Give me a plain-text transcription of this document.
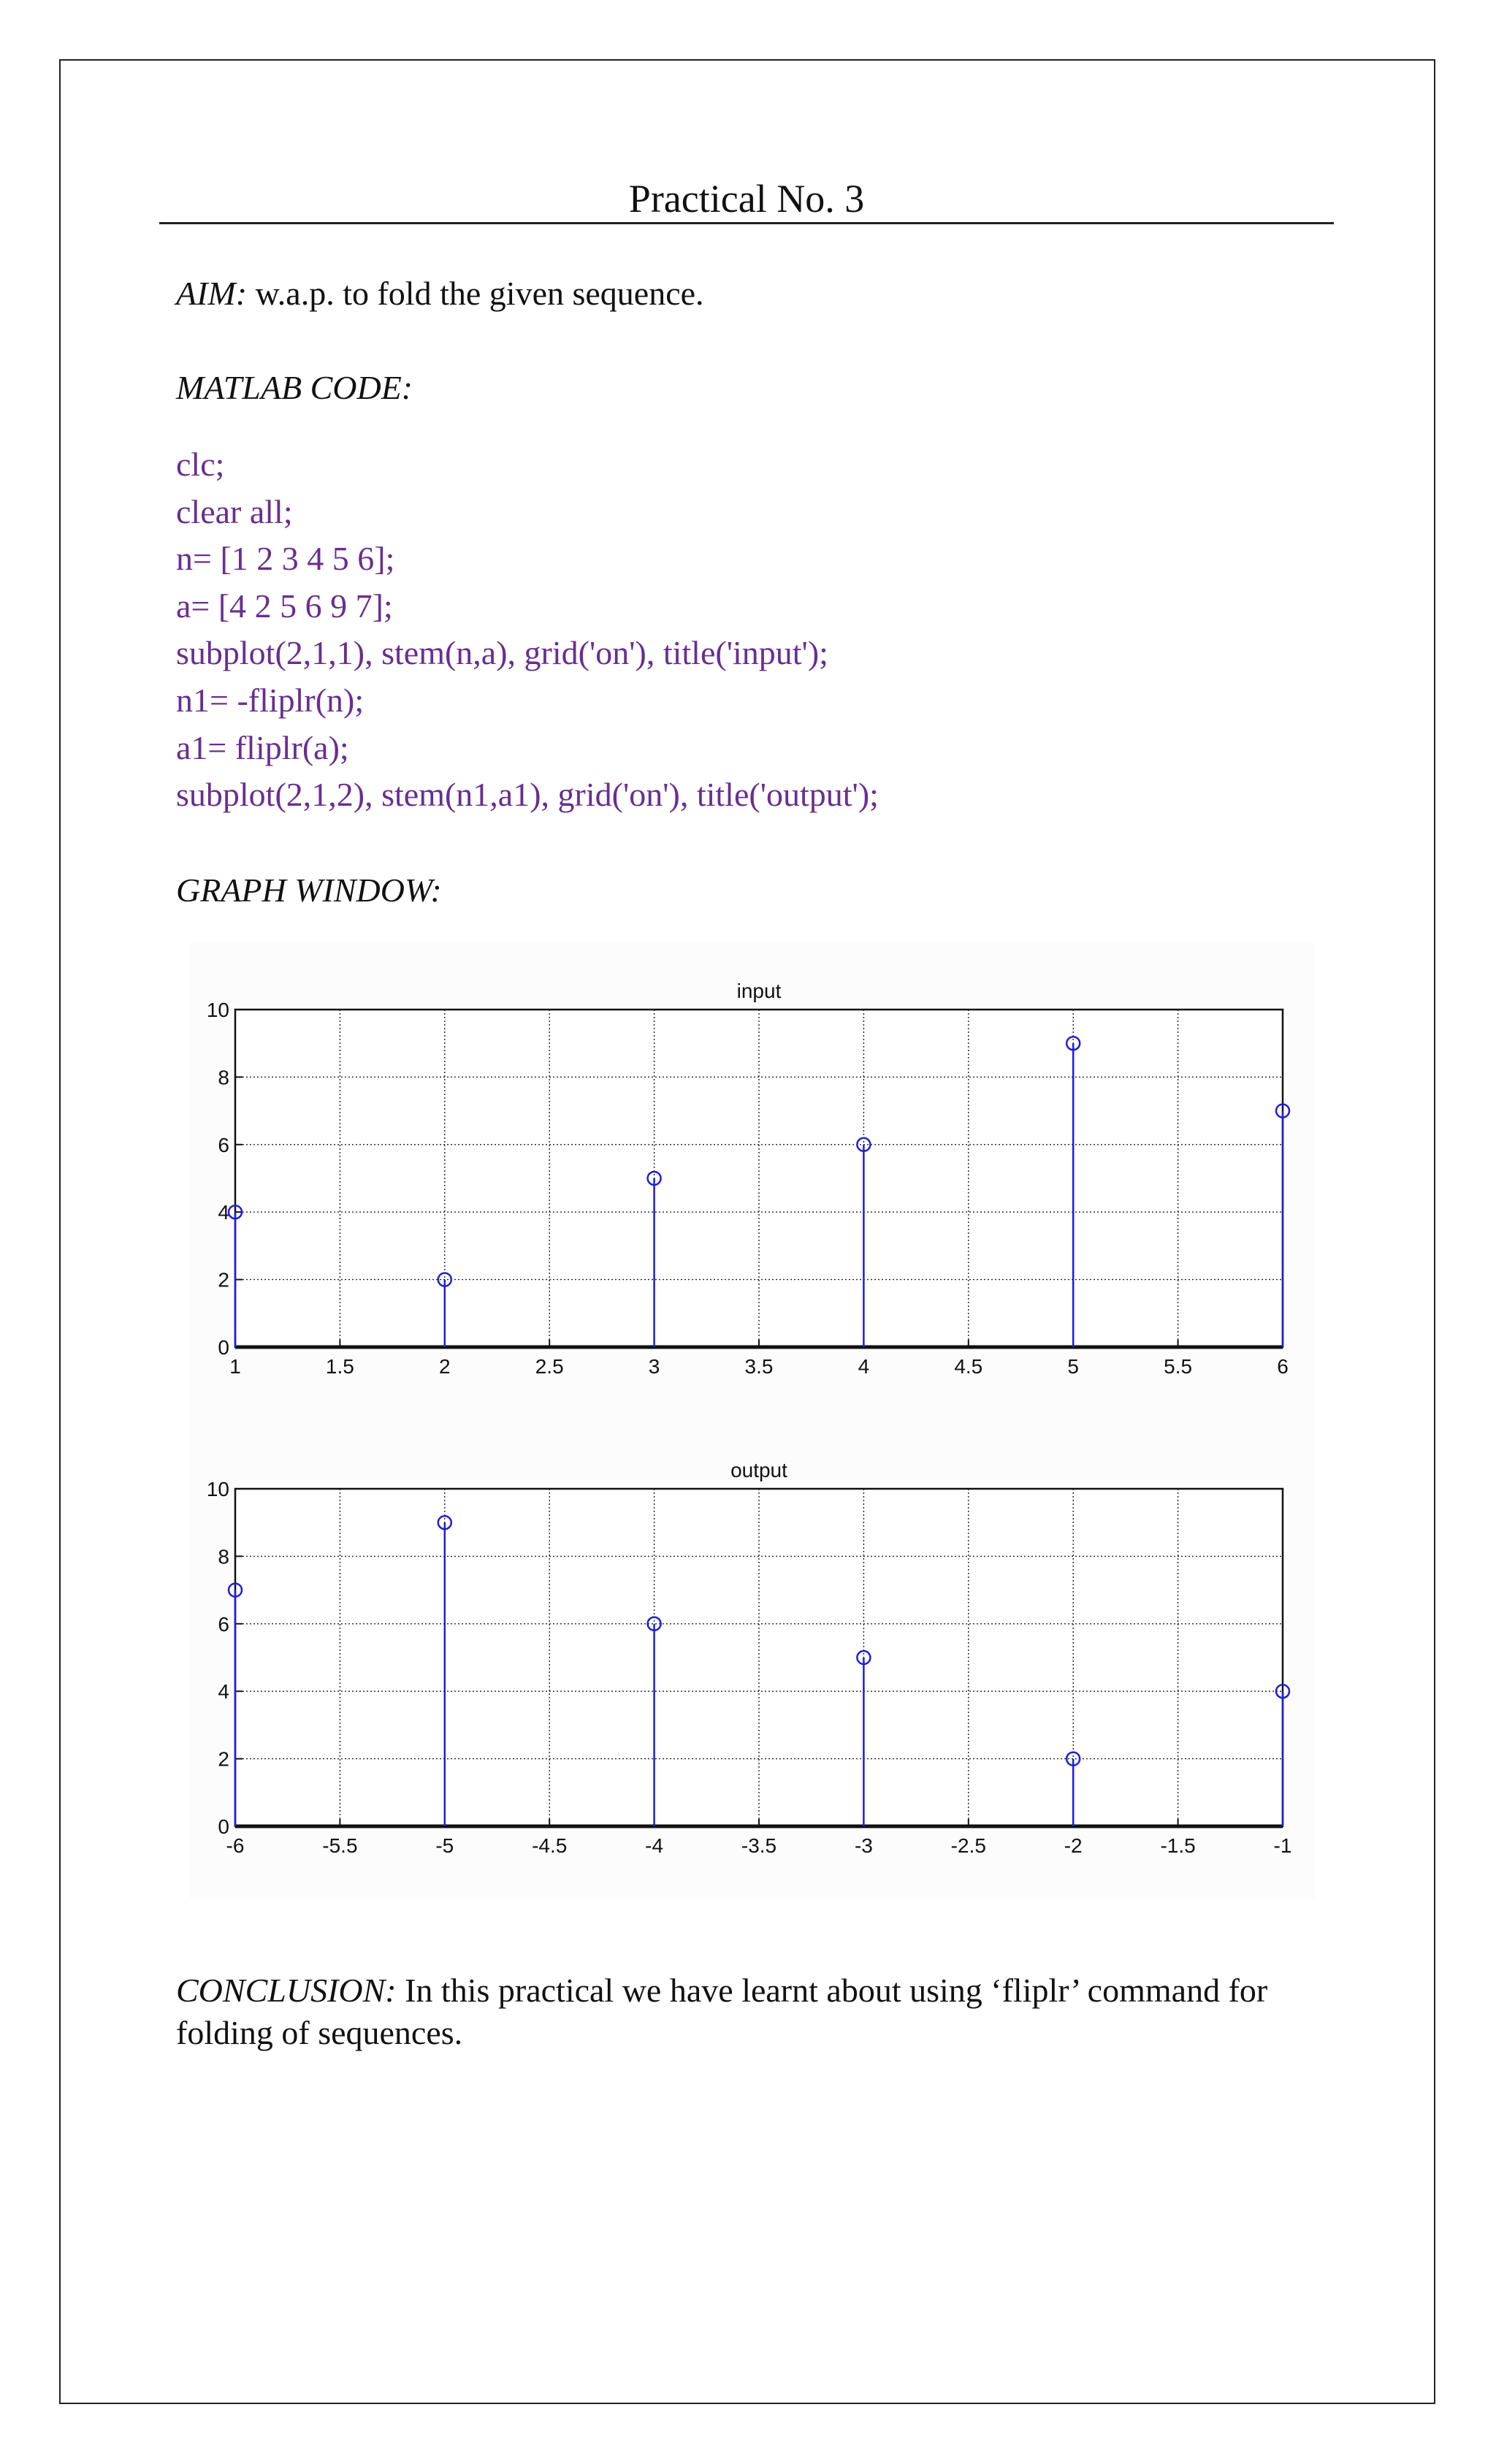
Practical No. 3
AIM: w.a.p. to fold the given sequence.
MATLAB CODE:
clc;
clear all;
n= [1 2 3 4 5 6];
a= [4 2 5 6 9 7];
subplot(2,1,1), stem(n,a), grid('on'), title('input');
n1= -fliplr(n);
a1= fliplr(a);
subplot(2,1,2), stem(n1,a1), grid('on'), title('output');
GRAPH WINDOW:
1	1.5	2	2.5	3	3.5	4	4.5	5	5.5	6
0
2
4
6
8
10
input
-6	-5.5	-5	-4.5	-4	-3.5	-3	-2.5	-2	-1.5	-1
0
2
4
6
8
10
output
CONCLUSION: In this practical we have learnt about using ‘fliplr’ command for folding of sequences.
